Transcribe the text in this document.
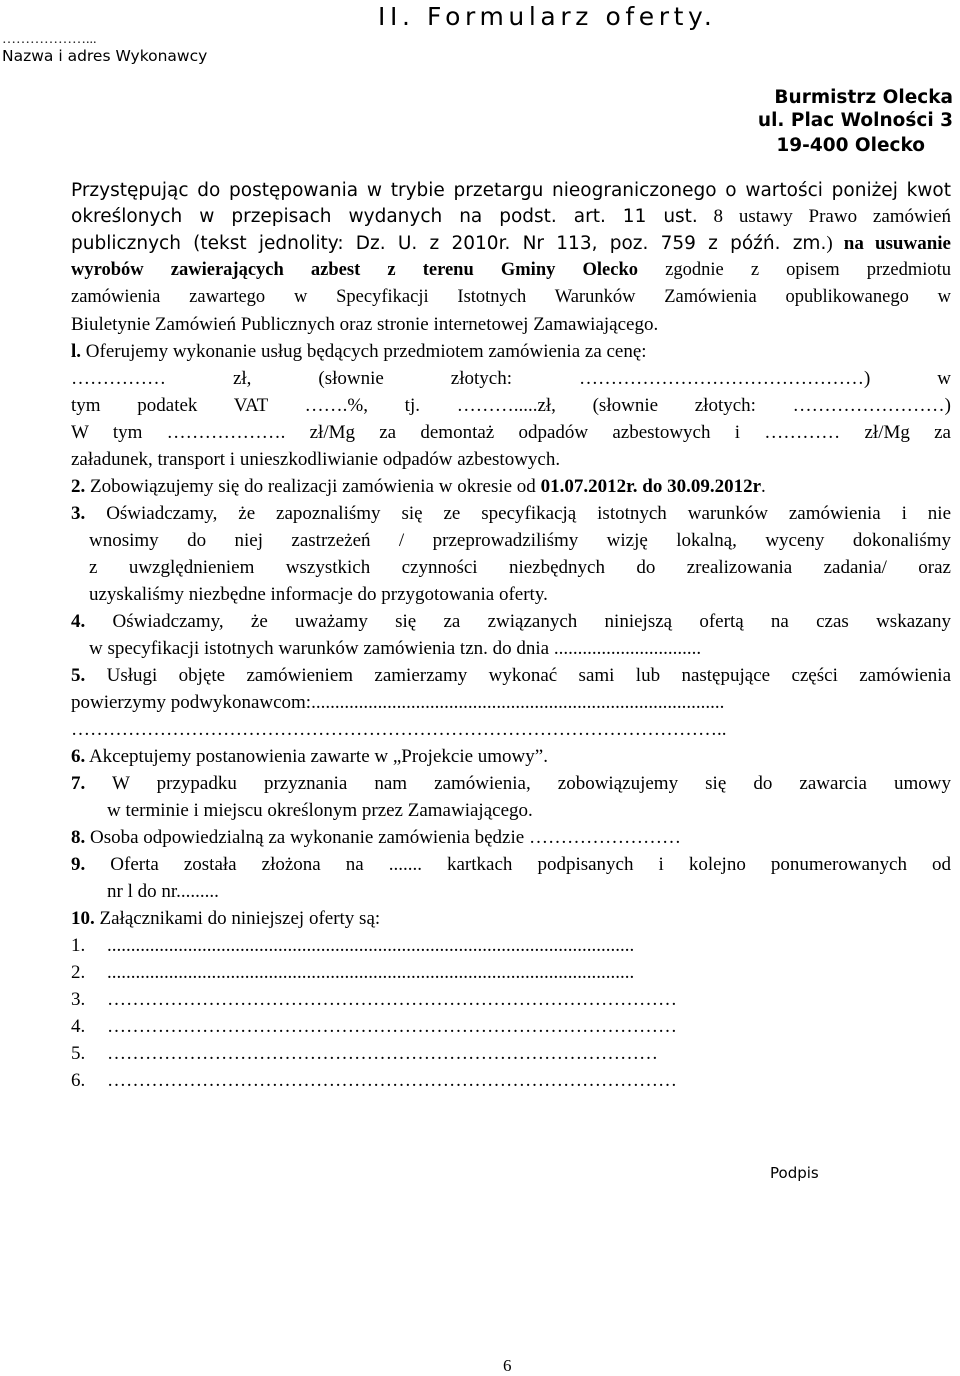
II. Formularz oferty.
………………...
Nazwa i adres Wykonawcy
Burmistrz Olecka
ul. Plac Wolności 3
19-400 Olecko
Przystępując do postępowania w trybie przetargu nieograniczonego o wartości poniżej kwot
określonych w przepisach wydanych na podst. art. 11 ust. 8 ustawy Prawo zamówień
publicznych (tekst jednolity: Dz. U. z 2010r. Nr 113, poz. 759 z późń. zm.) na usuwanie
wyrobów zawierających azbest z terenu Gminy Olecko zgodnie z opisem przedmiotu
zamówienia zawartego w Specyfikacji Istotnych Warunków Zamówienia opublikowanego w
Biuletynie Zamówień Publicznych oraz stronie internetowej Zamawiającego.
l. Oferujemy wykonanie usług będących przedmiotem zamówienia za cenę:
…………… zł, (słownie złotych: ………………………………………) w
tym podatek VAT …….%, tj. ……….....zł, (słownie złotych: ……………………)
W tym ………………. zł/Mg za demontaż odpadów azbestowych i ………… zł/Mg za
załadunek, transport i unieszkodliwianie odpadów azbestowych.
2. Zobowiązujemy się do realizacji zamówienia w okresie od 01.07.2012r. do 30.09.2012r.
3. Oświadczamy, że zapoznaliśmy się ze specyfikacją istotnych warunków zamówienia i nie
wnosimy do niej zastrzeżeń / przeprowadziliśmy wizję lokalną, wyceny dokonaliśmy
z uwzględnieniem wszystkich czynności niezbędnych do zrealizowania zadania/ oraz
uzyskaliśmy niezbędne informacje do przygotowania oferty.
4. Oświadczamy, że uważamy się za związanych niniejszą ofertą na czas wskazany
w specyfikacji istotnych warunków zamówienia tzn. do dnia ...............................
5. Usługi objęte zamówieniem zamierzamy wykonać sami lub następujące części zamówienia
powierzymy podwykonawcom:.......................................................................................
…………………………………………………………………………………………..
6. Akceptujemy postanowienia zawarte w „Projekcie umowy”.
7. W przypadku przyznania nam zamówienia, zobowiązujemy się do zawarcia umowy
w terminie i miejscu określonym przez Zamawiającego.
8. Osoba odpowiedzialną za wykonanie zamówienia będzie ……………………
9. Oferta została złożona na ....... kartkach podpisanych i kolejno ponumerowanych od
nr l do nr.........
10. Załącznikami do niniejszej oferty są:
1. ...............................................................................................................
2. ...............................................................................................................
3. ………………………………………………………………………………
4. ………………………………………………………………………………
5. ……………………………………………………………………………
6. ………………………………………………………………………………
Podpis
6
